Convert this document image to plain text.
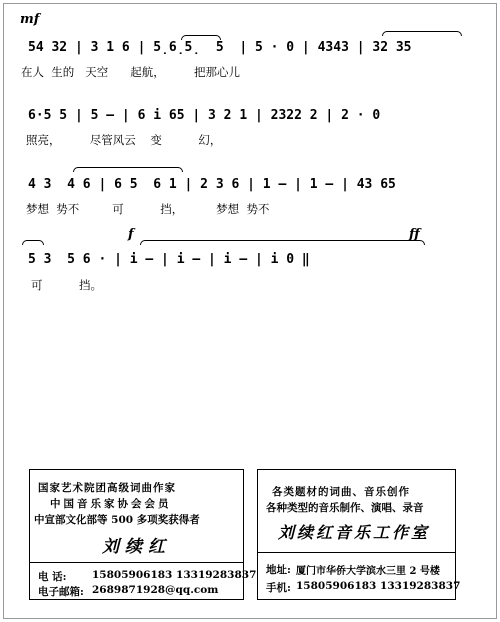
mf
f	ff
54 32 | 3 1 6 | 5̣6̣5̣  5  | 5 · 0 | 4343 | 32 35
在人  生的   天空      起航，        把那心儿
6·5 5 | 5 — | 6 i 65 | 3 2 1 | 2322 2 | 2 · 0
照亮，        尽管风云    变          幻，
4 3  4 6 | 6 5  6 1 | 2 3 6 | 1 — | 1 — | 43 65
梦想  势不         可          挡，         梦想  势不
5 3  5 6 · | i — | i — | i — | i 0 ‖
可          挡。
国家艺术院团高级词曲作家
中国音乐家协会会员
中宣部文化部等 500 多项奖获得者
刘续红
电 话: 15805906183 13319283837
电子邮箱: 2689871928@qq.com
各类题材的词曲、音乐创作
各种类型的音乐制作、演唱、录音
刘续红音乐工作室
地址: 厦门市华侨大学滨水三里 2 号楼
手机: 15805906183 13319283837
